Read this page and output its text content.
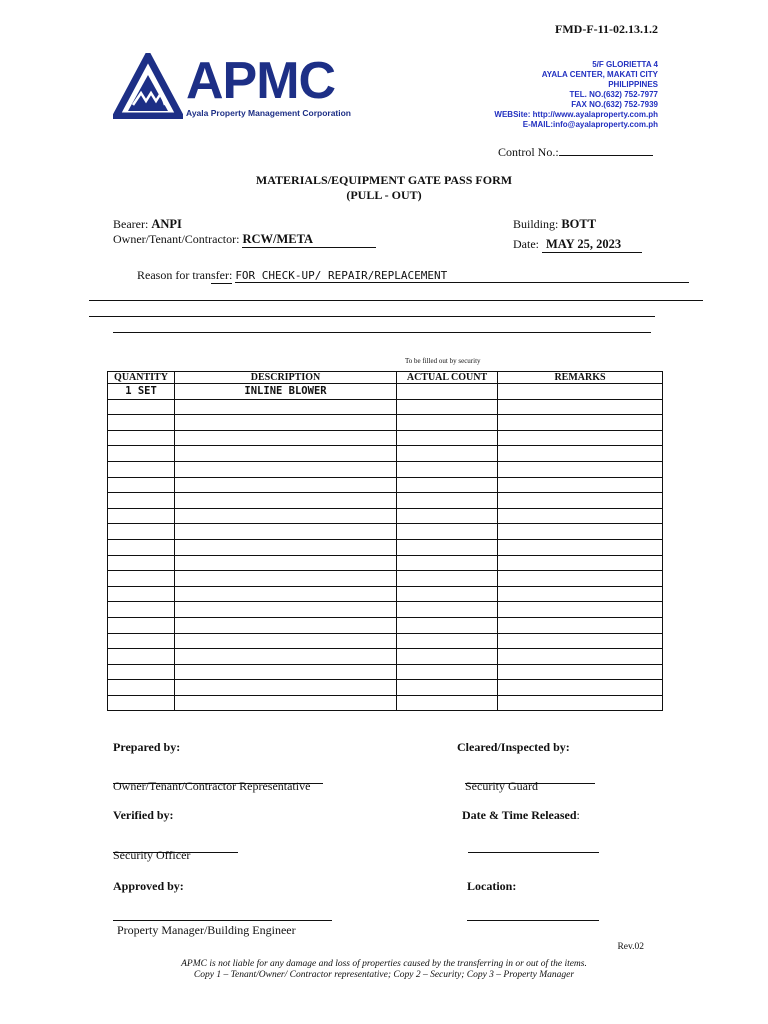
FMD-F-11-02.13.1.2
APMC
Ayala Property Management Corporation
5/F GLORIETTA 4
AYALA CENTER, MAKATI CITY
PHILIPPINES
TEL. NO.(632) 752-7977
FAX NO.(632) 752-7939
WEBSite: http://www.ayalaproperty.com.ph
E-MAIL:info@ayalaproperty.com.ph
Control No.:
MATERIALS/EQUIPMENT GATE PASS FORM
(PULL - OUT)
Bearer: ANPI
Owner/Tenant/Contractor: RCW/META
Building: BOTT
Date: MAY 25, 2023
Reason for transfer: FOR CHECK-UP/ REPAIR/REPLACEMENT
To be filled out by security
QUANTITY	DESCRIPTION	ACTUAL COUNT	REMARKS
1 SET	INLINE BLOWER		

Prepared by:	Cleared/Inspected by:
Owner/Tenant/Contractor Representative	Security Guard
Verified by:	Date & Time Released:
Security Officer
Approved by:	Location:
Property Manager/Building Engineer
Rev.02
APMC is not liable for any damage and loss of properties caused by the transferring in or out of the items.
Copy 1 – Tenant/Owner/ Contractor representative; Copy 2 – Security; Copy 3 – Property Manager
